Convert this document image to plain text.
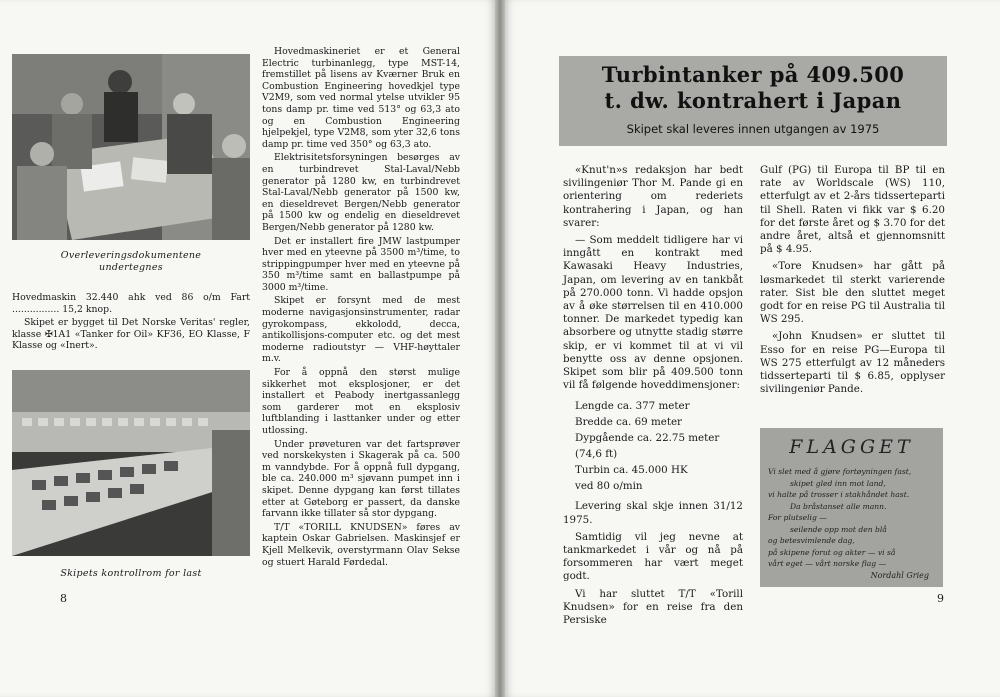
Overleveringsdokumentene
undertegnes

Hovedmaskin 32.440 ahk ved 86 o/m Fart ................ 15,2 knop.

Skipet er bygget til Det Norske Veritas' regler, klasse ✠1A1 «Tanker for Oil» KF36, EO Klasse, F Klasse og «Inert».

Skipets kontrollrom for last

Hovedmaskineriet er et General Electric turbinanlegg, type MST-14, fremstillet på lisens av Kværner Bruk en Combustion Engineering hovedkjel type V2M9, som ved normal ytelse utvikler 95 tons damp pr. time ved 513° og 63,3 ato og en Combustion Engineering hjelpekjel, type V2M8, som yter 32,6 tons damp pr. time ved 350° og 63,3 ato.

Elektrisitetsforsyningen besørges av en turbindrevet Stal-Laval/Nebb generator på 1280 kw, en turbindrevet Stal-Laval/Nebb generator på 1500 kw, en dieseldrevet Bergen/Nebb generator på 1500 kw og endelig en dieseldrevet Bergen/Nebb generator på 1280 kw.

Det er installert fire JMW lastpumper hver med en yteevne på 3500 m³/time, to strippingpumper hver med en yteevne på 350 m³/time samt en ballastpumpe på 3000 m³/time.

Skipet er forsynt med de mest moderne navigasjonsinstrumenter, radar gyrokompass, ekkolodd, decca, antikollisjons-computer etc. og det mest moderne radioutstyr — VHF-høyttaler m.v.

For å oppnå den størst mulige sikkerhet mot eksplosjoner, er det installert et Peabody inertgassanlegg som garderer mot en eksplosiv luftblanding i lasttanker under og etter utlossing.

Under prøveturen var det fartsprøver ved norskekysten i Skagerak på ca. 500 m vanndybde. For å oppnå full dypgang, ble ca. 240.000 m³ sjøvann pumpet inn i skipet. Denne dypgang kan først tillates etter at Gøteborg er passert, da danske farvann ikke tillater så stor dypgang.

T/T «TORILL KNUDSEN» føres av kaptein Oskar Gabrielsen. Maskinsjef er Kjell Melkevik, overstyrmann Olav Sekse og stuert Harald Førdedal.

8
Turbintanker på 409.500
t. dw. kontrahert i Japan
Skipet skal leveres innen utgangen av 1975

«Knut'n»s redaksjon har bedt sivilingeniør Thor M. Pande gi en orientering om rederiets kontrahering i Japan, og han svarer:

— Som meddelt tidligere har vi inngått en kontrakt med Kawasaki Heavy Industries, Japan, om levering av en tankbåt på 270.000 tonn. Vi hadde opsjon av å øke størrelsen til en 410.000 tonner. De markedet typedig kan absorbere og utnytte stadig større skip, er vi kommet til at vi vil benytte oss av denne opsjonen. Skipet som blir på 409.500 tonn vil få følgende hoveddimensjoner:

Lengde ca. 377 meter
Bredde ca. 69 meter
Dypgående ca. 22.75 meter
(74,6 ft)
Turbin ca. 45.000 HK
ved 80 o/min

Levering skal skje innen 31/12 1975.

Samtidig vil jeg nevne at tankmarkedet i vår og nå på forsommeren har vært meget godt.

Vi har sluttet T/T «Torill Knudsen» for en reise fra den Persiske

Gulf (PG) til Europa til BP til en rate av Worldscale (WS) 110, etterfulgt av et 2-års tidsserteparti til Shell. Raten vi fikk var $ 6.20 for det første året og $ 3.70 for det andre året, altså et gjennomsnitt på $ 4.95.

«Tore Knudsen» har gått på løsmarkedet til sterkt varierende rater. Sist ble den sluttet meget godt for en reise PG til Australia til WS 295.

«John Knudsen» er sluttet til Esso for en reise PG—Europa til WS 275 etterfulgt av 12 måneders tidsserteparti til $ 6.85, opplyser sivilingeniør Pande.

FLAGGET
Vi slet med å gjøre fortøyningen fast,
skipet gled inn mot land,
vi halte på trosser i stakhåndet hast.
Da bråstanset alle mann.
For plutselig —
seilende opp mot den blå
og betesvimlende dag,
på skipene forut og akter — vi så
vårt eget — vårt norske flag —
Nordahl Grieg
9
